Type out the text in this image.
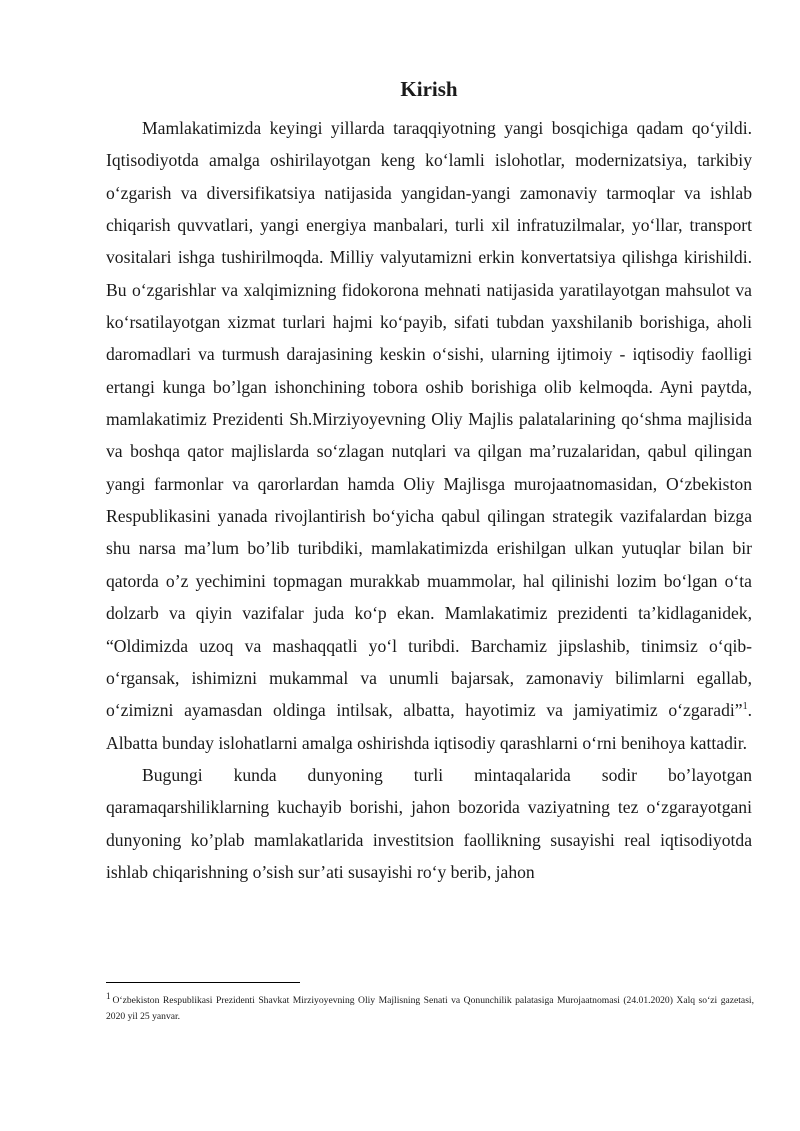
Kirish

Mamlakatimizda keyingi yillarda taraqqiyotning yangi bosqichiga qadam qo‘yildi. Iqtisodiyotda amalga oshirilayotgan keng ko‘lamli islohotlar, modernizatsiya, tarkibiy o‘zgarish va diversifikatsiya natijasida yangidan-yangi zamonaviy tarmoqlar va ishlab chiqarish quvvatlari, yangi energiya manbalari, turli xil infratuzilmalar, yo‘llar, transport vositalari ishga tushirilmoqda. Milliy valyutamizni erkin konvertatsiya qilishga kirishildi. Bu o‘zgarishlar va xalqimizning fidokorona mehnati natijasida yaratilayotgan mahsulot va ko‘rsatilayotgan xizmat turlari hajmi ko‘payib, sifati tubdan yaxshilanib borishiga, aholi daromadlari va turmush darajasining keskin o‘sishi, ularning ijtimoiy - iqtisodiy faolligi ertangi kunga bo’lgan ishonchining tobora oshib borishiga olib kelmoqda. Ayni paytda, mamlakatimiz Prezidenti Sh.Mirziyoyevning Oliy Majlis palatalarining qo‘shma majlisida va boshqa qator majlislarda so‘zlagan nutqlari va qilgan ma’ruzalaridan, qabul qilingan yangi farmonlar va qarorlardan hamda Oliy Majlisga murojaatnomasidan, O‘zbekiston Respublikasini yanada rivojlantirish bo‘yicha qabul qilingan strategik vazifalardan bizga shu narsa ma’lum bo’lib turibdiki, mamlakatimizda erishilgan ulkan yutuqlar bilan bir qatorda o’z yechimini topmagan murakkab muammolar, hal qilinishi lozim bo‘lgan o‘ta dolzarb va qiyin vazifalar juda ko‘p ekan. Mamlakatimiz prezidenti ta’kidlaganidek, “Oldimizda uzoq va mashaqqatli yo‘l turibdi. Barchamiz jipslashib, tinimsiz o‘qib-o‘rgansak, ishimizni mukammal va unumli bajarsak, zamonaviy bilimlarni egallab, o‘zimizni ayamasdan oldinga intilsak, albatta, hayotimiz va jamiyatimiz o‘zgaradi”$^1$. Albatta bunday islohatlarni amalga oshirishda iqtisodiy qarashlarni o‘rni benihoya kattadir.

Bugungi kunda dunyoning turli mintaqalarida sodir bo’layotgan qaramaqarshiliklarning kuchayib borishi, jahon bozorida vaziyatning tez o‘zgarayotgani dunyoning ko’plab mamlakatlarida investitsion faollikning susayishi real iqtisodiyotda ishlab chiqarishning o’sish sur’ati susayishi ro‘y berib, jahon

$^1$ O‘zbekiston Respublikasi Prezidenti Shavkat Mirziyoyevning Oliy Majlisning Senati va Qonunchilik palatasiga Murojaatnomasi (24.01.2020) Xalq so‘zi gazetasi, 2020 yil 25 yanvar.
